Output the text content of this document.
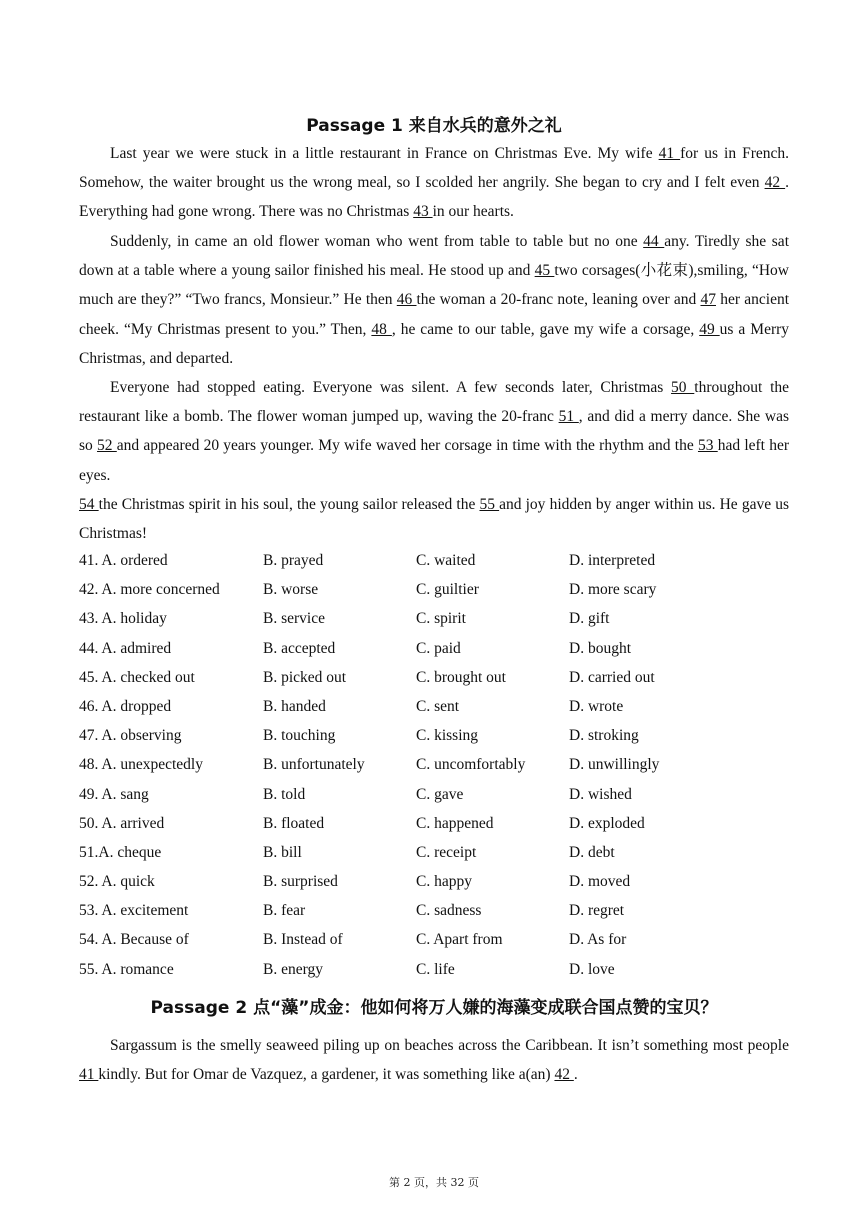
Passage 1 来自水兵的意外之礼
Last year we were stuck in a little restaurant in France on Christmas Eve. My wife 41 for us in French. Somehow, the waiter brought us the wrong meal, so I scolded her angrily. She began to cry and I felt even 42 . Everything had gone wrong. There was no Christmas 43 in our hearts.
Suddenly, in came an old flower woman who went from table to table but no one 44 any. Tiredly she sat down at a table where a young sailor finished his meal. He stood up and 45 two corsages(小花束),smiling, “How much are they?” “Two francs, Monsieur.” He then 46 the woman a 20-franc note, leaning over and 47 her ancient cheek. “My Christmas present to you.” Then, 48 , he came to our table, gave my wife a corsage, 49 us a Merry Christmas, and departed.
Everyone had stopped eating. Everyone was silent. A few seconds later, Christmas 50 throughout the restaurant like a bomb. The flower woman jumped up, waving the 20-franc 51 , and did a merry dance. She was so 52 and appeared 20 years younger. My wife waved her corsage in time with the rhythm and the 53 had left her eyes.
54 the Christmas spirit in his soul, the young sailor released the 55 and joy hidden by anger within us. He gave us Christmas!
41. A. ordered	B. prayed	C. waited	D. interpreted
42. A. more concerned	B. worse	C. guiltier	D. more scary
43. A. holiday	B. service	C. spirit	D. gift
44. A. admired	B. accepted	C. paid	D. bought
45. A. checked out	B. picked out	C. brought out	D. carried out
46. A. dropped	B. handed	C. sent	D. wrote
47. A. observing	B. touching	C. kissing	D. stroking
48. A. unexpectedly	B. unfortunately	C. uncomfortably	D. unwillingly
49. A. sang	B. told	C. gave	D. wished
50. A. arrived	B. floated	C. happened	D. exploded
51.A. cheque	B. bill	C. receipt	D. debt
52. A. quick	B. surprised	C. happy	D. moved
53. A. excitement	B. fear	C. sadness	D. regret
54. A. Because of	B. Instead of	C. Apart from	D. As for
55. A. romance	B. energy	C. life	D. love
Passage 2 点“藻”成金：他如何将万人嫌的海藻变成联合国点赞的宝贝？
Sargassum is the smelly seaweed piling up on beaches across the Caribbean. It isn’t something most people 41 kindly. But for Omar de Vazquez, a gardener, it was something like a(an) 42 .
第 2 页，共 32 页
